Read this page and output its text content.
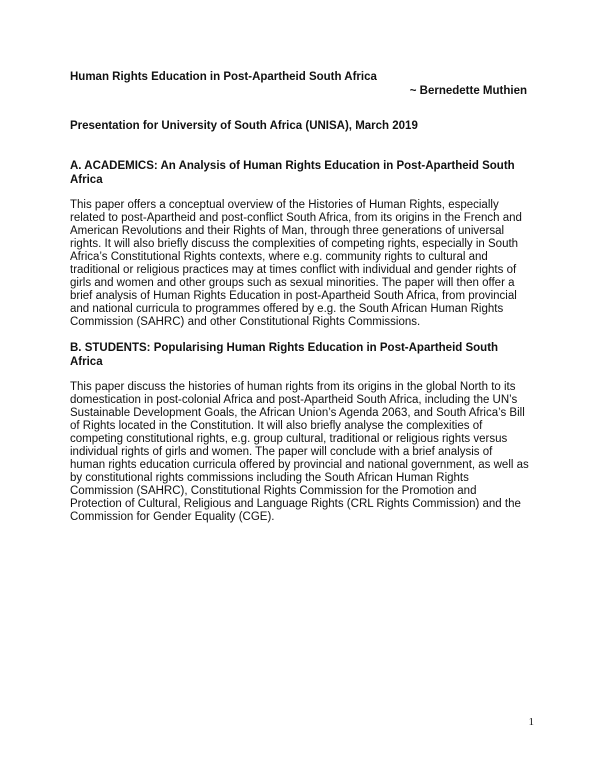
Human Rights Education in Post-Apartheid South Africa

~ Bernedette Muthien

Presentation for University of South Africa (UNISA), March 2019

A. ACADEMICS: An Analysis of Human Rights Education in Post-Apartheid South Africa

This paper offers a conceptual overview of the Histories of Human Rights, especially related to post-Apartheid and post-conflict South Africa, from its origins in the French and American Revolutions and their Rights of Man, through three generations of universal rights. It will also briefly discuss the complexities of competing rights, especially in South Africa’s Constitutional Rights contexts, where e.g. community rights to cultural and traditional or religious practices may at times conflict with individual and gender rights of girls and women and other groups such as sexual minorities. The paper will then offer a brief analysis of Human Rights Education in post-Apartheid South Africa, from provincial and national curricula to programmes offered by e.g. the South African Human Rights Commission (SAHRC) and other Constitutional Rights Commissions.

B. STUDENTS: Popularising Human Rights Education in Post-Apartheid South Africa

This paper discuss the histories of human rights from its origins in the global North to its domestication in post-colonial Africa and post-Apartheid South Africa, including the UN’s Sustainable Development Goals, the African Union’s Agenda 2063, and South Africa’s Bill of Rights located in the Constitution. It will also briefly analyse the complexities of competing constitutional rights, e.g. group cultural, traditional or religious rights versus individual rights of girls and women. The paper will conclude with a brief analysis of human rights education curricula offered by provincial and national government, as well as by constitutional rights commissions including the South African Human Rights Commission (SAHRC), Constitutional Rights Commission for the Promotion and Protection of Cultural, Religious and Language Rights (CRL Rights Commission) and the Commission for Gender Equality (CGE).

1
